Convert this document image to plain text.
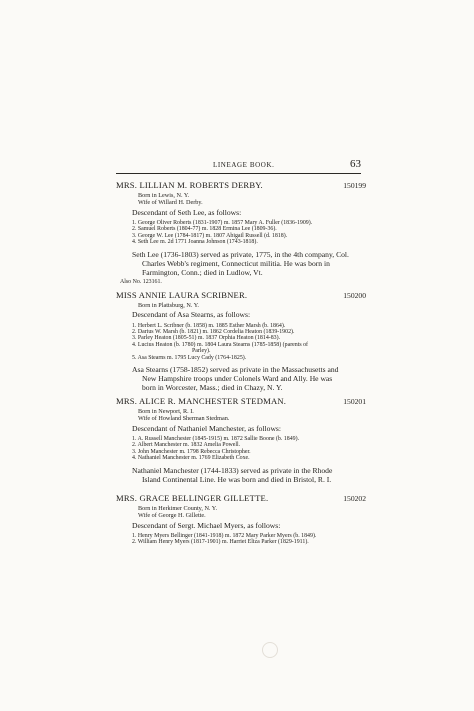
LINEAGE BOOK.	63
MRS. LILLIAN M. ROBERTS DERBY.	150199
Born in Lewis, N. Y.
Wife of Willard H. Derby.
Descendant of Seth Lee, as follows:
1. George Oliver Roberts (1831-1907) m. 1857 Mary A. Fuller (1836-1909).
2. Samuel Roberts (1804-77) m. 1828 Ermina Lee (1809-36).
3. George W. Lee (1784-1817) m. 1807 Abigail Russell (d. 1818).
4. Seth Lee m. 2d 1771 Joanna Johnson (1743-1818).
Seth Lee (1736-1803) served as private, 1775, in the 4th company, Col.
Charles Webb's regiment, Connecticut militia. He was born in
Farmington, Conn.; died in Ludlow, Vt.
Also No. 123161.
MISS ANNIE LAURA SCRIBNER.	150200
Born in Plattsburg, N. Y.
Descendant of Asa Stearns, as follows:
1. Herbert L. Scribner (b. 1858) m. 1885 Esther Marsh (b. 1864).
2. Darius W. Marsh (b. 1821) m. 1862 Cordelia Heaton (1839-1902).
3. Parley Heaton (1805-51) m. 1837 Orphia Heaton (1814-83).
4. Lucius Heaton (b. 1780) m. 1804 Laura Stearns (1785-1858) (parents of
Parley).
5. Asa Stearns m. 1795 Lucy Cady (1764-1825).
Asa Stearns (1758-1852) served as private in the Massachusetts and
New Hampshire troops under Colonels Ward and Ally. He was
born in Worcester, Mass.; died in Chazy, N. Y.
MRS. ALICE R. MANCHESTER STEDMAN.	150201
Born in Newport, R. I.
Wife of Howland Sherman Stedman.
Descendant of Nathaniel Manchester, as follows:
1. A. Russell Manchester (1845-1915) m. 1872 Sallie Boone (b. 1849).
2. Albert Manchester m. 1832 Amelia Powell.
3. John Manchester m. 1798 Rebecca Christopher.
4. Nathaniel Manchester m. 1769 Elizabeth Coxe.
Nathaniel Manchester (1744-1833) served as private in the Rhode
Island Continental Line. He was born and died in Bristol, R. I.
MRS. GRACE BELLINGER GILLETTE.	150202
Born in Herkimer County, N. Y.
Wife of George H. Gillette.
Descendant of Sergt. Michael Myers, as follows:
1. Henry Myers Bellinger (1841-1918) m. 1872 Mary Parker Myers (b. 1849).
2. William Henry Myers (1817-1901) m. Harriet Eliza Parker (1829-1911).
